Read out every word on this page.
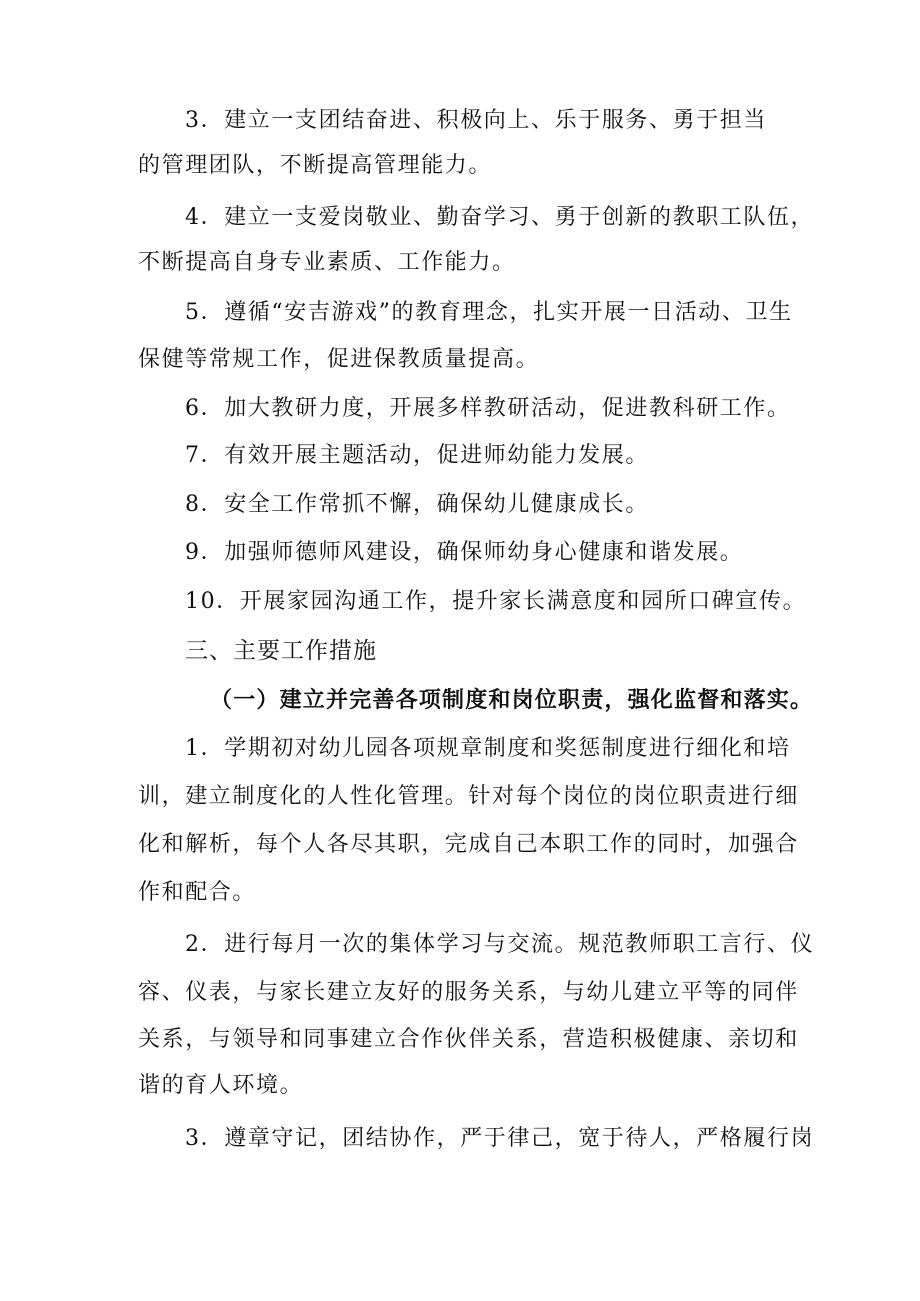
3．建立一支团结奋进、积极向上、乐于服务、勇于担当
的管理团队，不断提高管理能力。
4．建立一支爱岗敬业、勤奋学习、勇于创新的教职工队伍，
不断提高自身专业素质、工作能力。
5．遵循“安吉游戏”的教育理念，扎实开展一日活动、卫生
保健等常规工作，促进保教质量提高。
6．加大教研力度，开展多样教研活动，促进教科研工作。
7．有效开展主题活动，促进师幼能力发展。
8．安全工作常抓不懈，确保幼儿健康成长。
9．加强师德师风建设，确保师幼身心健康和谐发展。
10．开展家园沟通工作，提升家长满意度和园所口碑宣传。
三、主要工作措施
（一）建立并完善各项制度和岗位职责，强化监督和落实。
1．学期初对幼儿园各项规章制度和奖惩制度进行细化和培
训，建立制度化的人性化管理。针对每个岗位的岗位职责进行细
化和解析，每个人各尽其职，完成自己本职工作的同时，加强合
作和配合。
2．进行每月一次的集体学习与交流。规范教师职工言行、仪
容、仪表，与家长建立友好的服务关系，与幼儿建立平等的同伴
关系，与领导和同事建立合作伙伴关系，营造积极健康、亲切和
谐的育人环境。
3．遵章守记，团结协作，严于律己，宽于待人，严格履行岗
